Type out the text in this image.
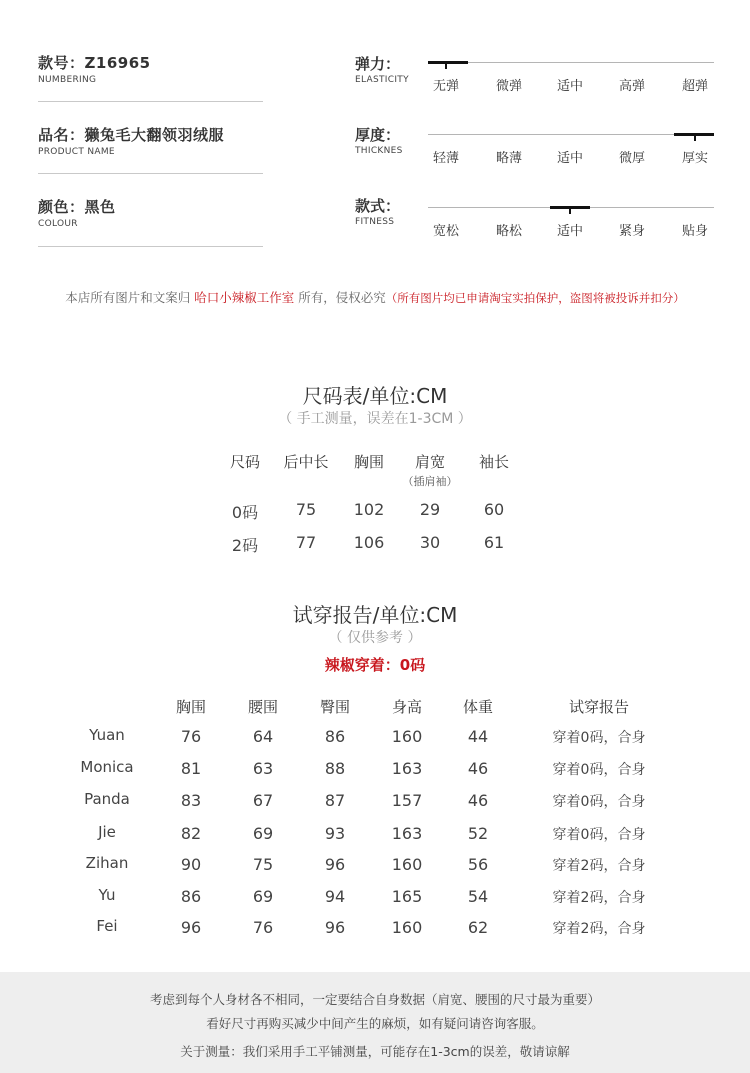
款号：Z16965
NUMBERING
品名：獭兔毛大翻领羽绒服
PRODUCT NAME
颜色：黑色
COLOUR
弹力：
ELASTICITY
厚度：
THICKNES
款式：
FITNESS
本店所有图片和文案归 哈口小辣椒工作室 所有，侵权必究（所有图片均已申请淘宝实拍保护，盗图将被投诉并扣分）
尺码表/单位:CM
（ 手工测量，误差在1-3CM ）
试穿报告/单位:CM
（ 仅供参考 ）
辣椒穿着：0码
考虑到每个人身材各不相同，一定要结合自身数据（肩宽、腰围的尺寸最为重要）
看好尺寸再购买减少中间产生的麻烦，如有疑问请咨询客服。
关于测量：我们采用手工平铺测量，可能存在1-3cm的误差，敬请谅解
无弹	微弹	适中	高弹	超弹
轻薄	略薄	适中	微厚	厚实
宽松	略松	适中	紧身	贴身
尺码	后中长	胸围	肩宽	袖长
（插肩袖）
0码	75	102	29	60
2码	77	106	30	61
胸围	腰围	臀围	身高	体重	试穿报告
Yuan	76	64	86	160	44	穿着0码，合身
Monica	81	63	88	163	46	穿着0码，合身
Panda	83	67	87	157	46	穿着0码，合身
Jie	82	69	93	163	52	穿着0码，合身
Zihan	90	75	96	160	56	穿着2码，合身
Yu	86	69	94	165	54	穿着2码，合身
Fei	96	76	96	160	62	穿着2码，合身
